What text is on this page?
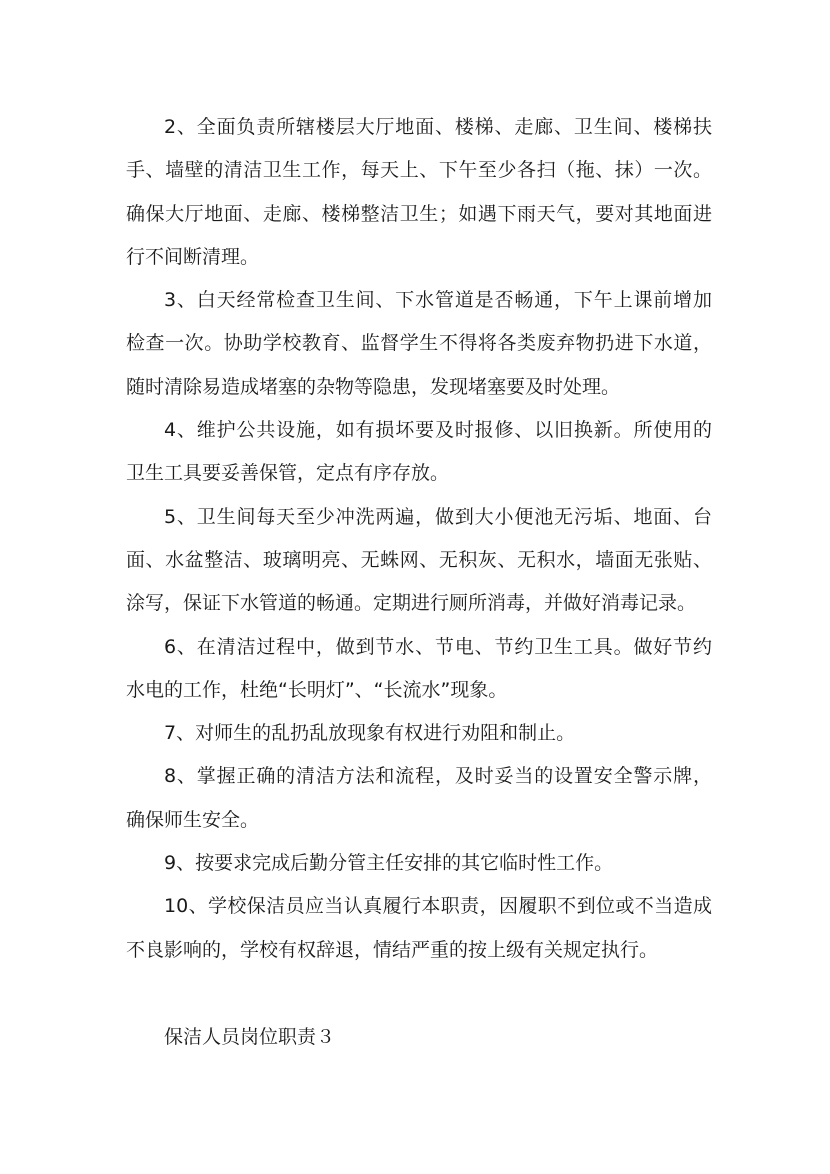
2、全面负责所辖楼层大厅地面、楼梯、走廊、卫生间、楼梯扶
手、墙壁的清洁卫生工作，每天上、下午至少各扫（拖、抹）一次。
确保大厅地面、走廊、楼梯整洁卫生；如遇下雨天气，要对其地面进
行不间断清理。
3、白天经常检查卫生间、下水管道是否畅通，下午上课前增加
检查一次。协助学校教育、监督学生不得将各类废弃物扔进下水道，
随时清除易造成堵塞的杂物等隐患，发现堵塞要及时处理。
4、维护公共设施，如有损坏要及时报修、以旧换新。所使用的
卫生工具要妥善保管，定点有序存放。
5、卫生间每天至少冲洗两遍，做到大小便池无污垢、地面、台
面、水盆整洁、玻璃明亮、无蛛网、无积灰、无积水，墙面无张贴、
涂写，保证下水管道的畅通。定期进行厕所消毒，并做好消毒记录。
6、在清洁过程中，做到节水、节电、节约卫生工具。做好节约
水电的工作，杜绝“长明灯”、“长流水”现象。
7、对师生的乱扔乱放现象有权进行劝阻和制止。
8、掌握正确的清洁方法和流程，及时妥当的设置安全警示牌，
确保师生安全。
9、按要求完成后勤分管主任安排的其它临时性工作。
10、学校保洁员应当认真履行本职责，因履职不到位或不当造成
不良影响的，学校有权辞退，情结严重的按上级有关规定执行。
保洁人员岗位职责３
